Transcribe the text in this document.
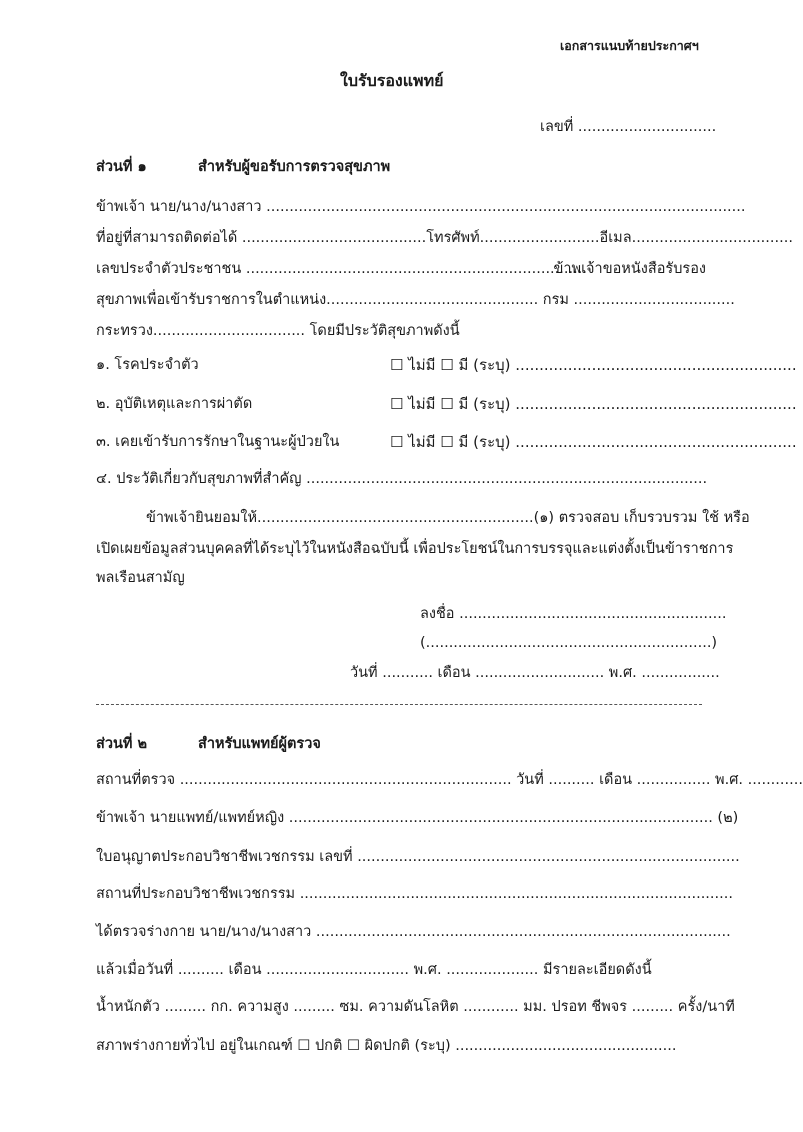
เอกสารแนบท้ายประกาศฯ
ใบรับรองแพทย์
เลขที่ ..............................
ส่วนที่ ๑	สำหรับผู้ขอรับการตรวจสุขภาพ
ข้าพเจ้า นาย/นาง/นางสาว ........................................................................................................
ที่อยู่ที่สามารถติดต่อได้ ........................................โทรศัพท์..........................อีเมล...................................
เลขประจำตัวประชาชน ..........................................................................
ข้าพเจ้าขอหนังสือรับรอง
สุขภาพเพื่อเข้ารับราชการในตำแหน่ง.............................................. กรม ...................................
กระทรวง................................. โดยมีประวัติสุขภาพดังนี้
๑. โรคประจำตัว	☐ ไม่มี ☐ มี (ระบุ) ...........................................................
๒. อุบัติเหตุและการผ่าตัด	☐ ไม่มี ☐ มี (ระบุ) ...........................................................
๓. เคยเข้ารับการรักษาในฐานะผู้ป่วยใน	☐ ไม่มี ☐ มี (ระบุ) ...........................................................
๔. ประวัติเกี่ยวกับสุขภาพที่สำคัญ .......................................................................................
ข้าพเจ้ายินยอมให้............................................................(๑) ตรวจสอบ เก็บรวบรวม ใช้ หรือ
เปิดเผยข้อมูลส่วนบุคคลที่ได้ระบุไว้ในหนังสือฉบับนี้ เพื่อประโยชน์ในการบรรจุและแต่งตั้งเป็นข้าราชการ
พลเรือนสามัญ
ลงชื่อ ..........................................................
(..............................................................)
วันที่ ........... เดือน ............................ พ.ศ. .................
ส่วนที่ ๒	สำหรับแพทย์ผู้ตรวจ
สถานที่ตรวจ ........................................................................ วันที่ .......... เดือน ................ พ.ศ. ............
ข้าพเจ้า นายแพทย์/แพทย์หญิง ............................................................................................ (๒)
ใบอนุญาตประกอบวิชาชีพเวชกรรม เลขที่ ...................................................................................
สถานที่ประกอบวิชาชีพเวชกรรม ..............................................................................................
ได้ตรวจร่างกาย นาย/นาง/นางสาว ..........................................................................................
แล้วเมื่อวันที่ .......... เดือน ............................... พ.ศ. .................... มีรายละเอียดดังนี้
น้ำหนักตัว ......... กก. ความสูง ......... ซม. ความดันโลหิต ............ มม. ปรอท ชีพจร ......... ครั้ง/นาที
สภาพร่างกายทั่วไป อยู่ในเกณฑ์ ☐ ปกติ ☐ ผิดปกติ (ระบุ) ................................................
